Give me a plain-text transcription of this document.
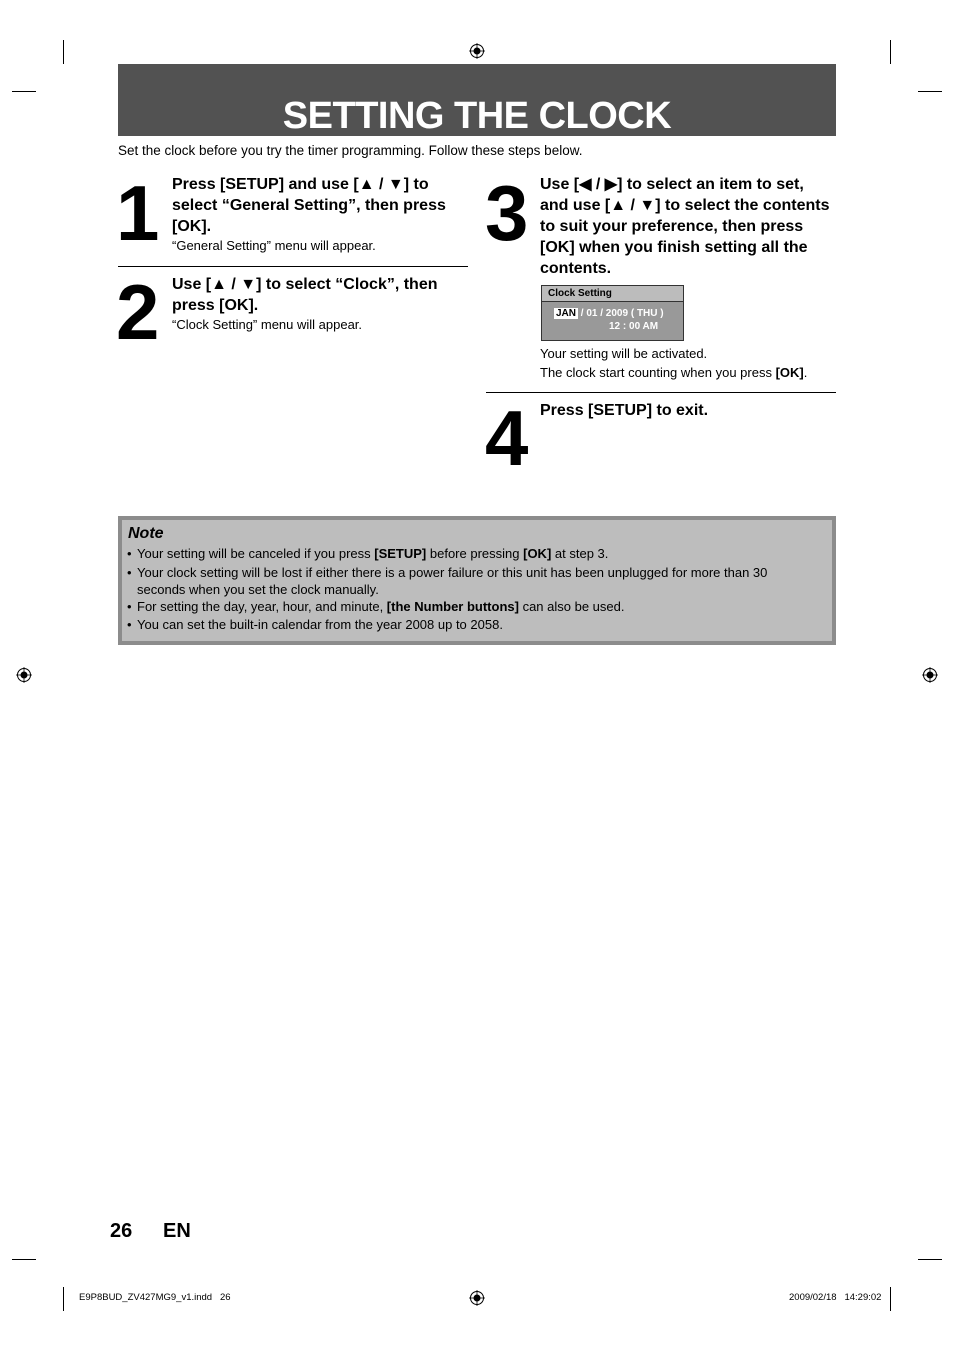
SETTING THE CLOCK
Set the clock before you try the timer programming. Follow these steps below.
1 Press [SETUP] and use [▲ / ▼] to
select “General Setting”, then press
[OK].
“General Setting” menu will appear.
2 Use [▲ / ▼] to select “Clock”, then
press [OK].
“Clock Setting” menu will appear.
3 Use [◀ / ▶] to select an item to set,
and use [▲ / ▼] to select the contents
to suit your preference, then press
[OK] when you finish setting all the
contents.
Clock Setting
JAN / 01 / 2009 ( THU )
12 : 00 AM
Your setting will be activated.
The clock start counting when you press [OK].
4 Press [SETUP] to exit.
Note
• Your setting will be canceled if you press [SETUP] before pressing [OK] at step 3.
• Your clock setting will be lost if either there is a power failure or this unit has been unplugged for more than 30
seconds when you set the clock manually.
• For setting the day, year, hour, and minute, [the Number buttons] can also be used.
• You can set the built-in calendar from the year 2008 up to 2058.
26 EN
E9P8BUD_ZV427MG9_v1.indd   26	2009/02/18   14:29:02
